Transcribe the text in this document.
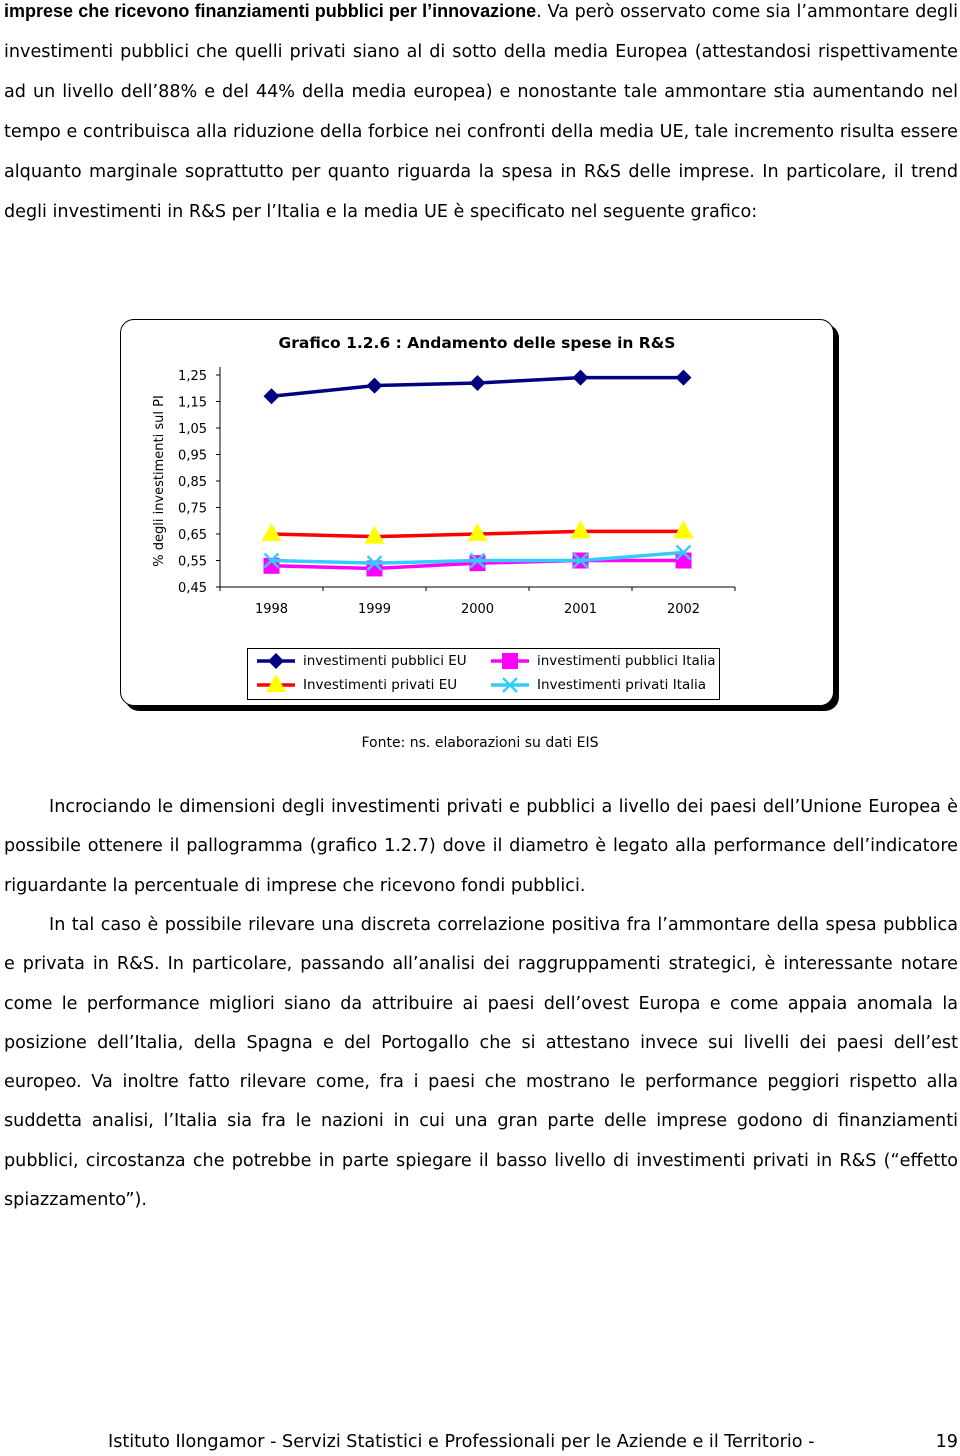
imprese che ricevono finanziamenti pubblici per l’innovazione. Va però osservato come sia l’ammontare degli investimenti pubblici che quelli privati siano al di sotto della media Europea (attestandosi rispettivamente ad un livello dell’88% e del 44% della media europea) e nonostante tale ammontare stia aumentando nel tempo e contribuisca alla riduzione della forbice nei confronti della media UE, tale incremento risulta essere alquanto marginale soprattutto per quanto riguarda la spesa in R&S delle imprese. In particolare, il trend degli investimenti in R&S per l’Italia e la media UE è specificato nel seguente grafico:

Grafico 1.2.6 : Andamento delle spese in R&S
% degli investimenti sul PI
1,25
1,15
1,05
0,95
0,85
0,75
0,65
0,55
0,45
1998	1999	2000	2001	2002
investimenti pubblici EU	investimenti pubblici Italia
Investimenti privati EU	Investimenti privati Italia
Fonte: ns. elaborazioni su dati EIS

Incrociando le dimensioni degli investimenti privati e pubblici a livello dei paesi dell’Unione Europea è possibile ottenere il pallogramma (grafico 1.2.7) dove il diametro è legato alla performance dell’indicatore riguardante la percentuale di imprese che ricevono fondi pubblici.

In tal caso è possibile rilevare una discreta correlazione positiva fra l’ammontare della spesa pubblica e privata in R&S. In particolare, passando all’analisi dei raggruppamenti strategici, è interessante notare come le performance migliori siano da attribuire ai paesi dell’ovest Europa e come appaia anomala la posizione dell’Italia, della Spagna e del Portogallo che si attestano invece sui livelli dei paesi dell’est europeo. Va inoltre fatto rilevare come, fra i paesi che mostrano le performance peggiori rispetto alla suddetta analisi, l’Italia sia fra le nazioni in cui una gran parte delle imprese godono di finanziamenti pubblici, circostanza che potrebbe in parte spiegare il basso livello di investimenti privati in R&S (“effetto spiazzamento”).

Istituto Ilongamor - Servizi Statistici e Professionali per le Aziende e il Territorio -	19
